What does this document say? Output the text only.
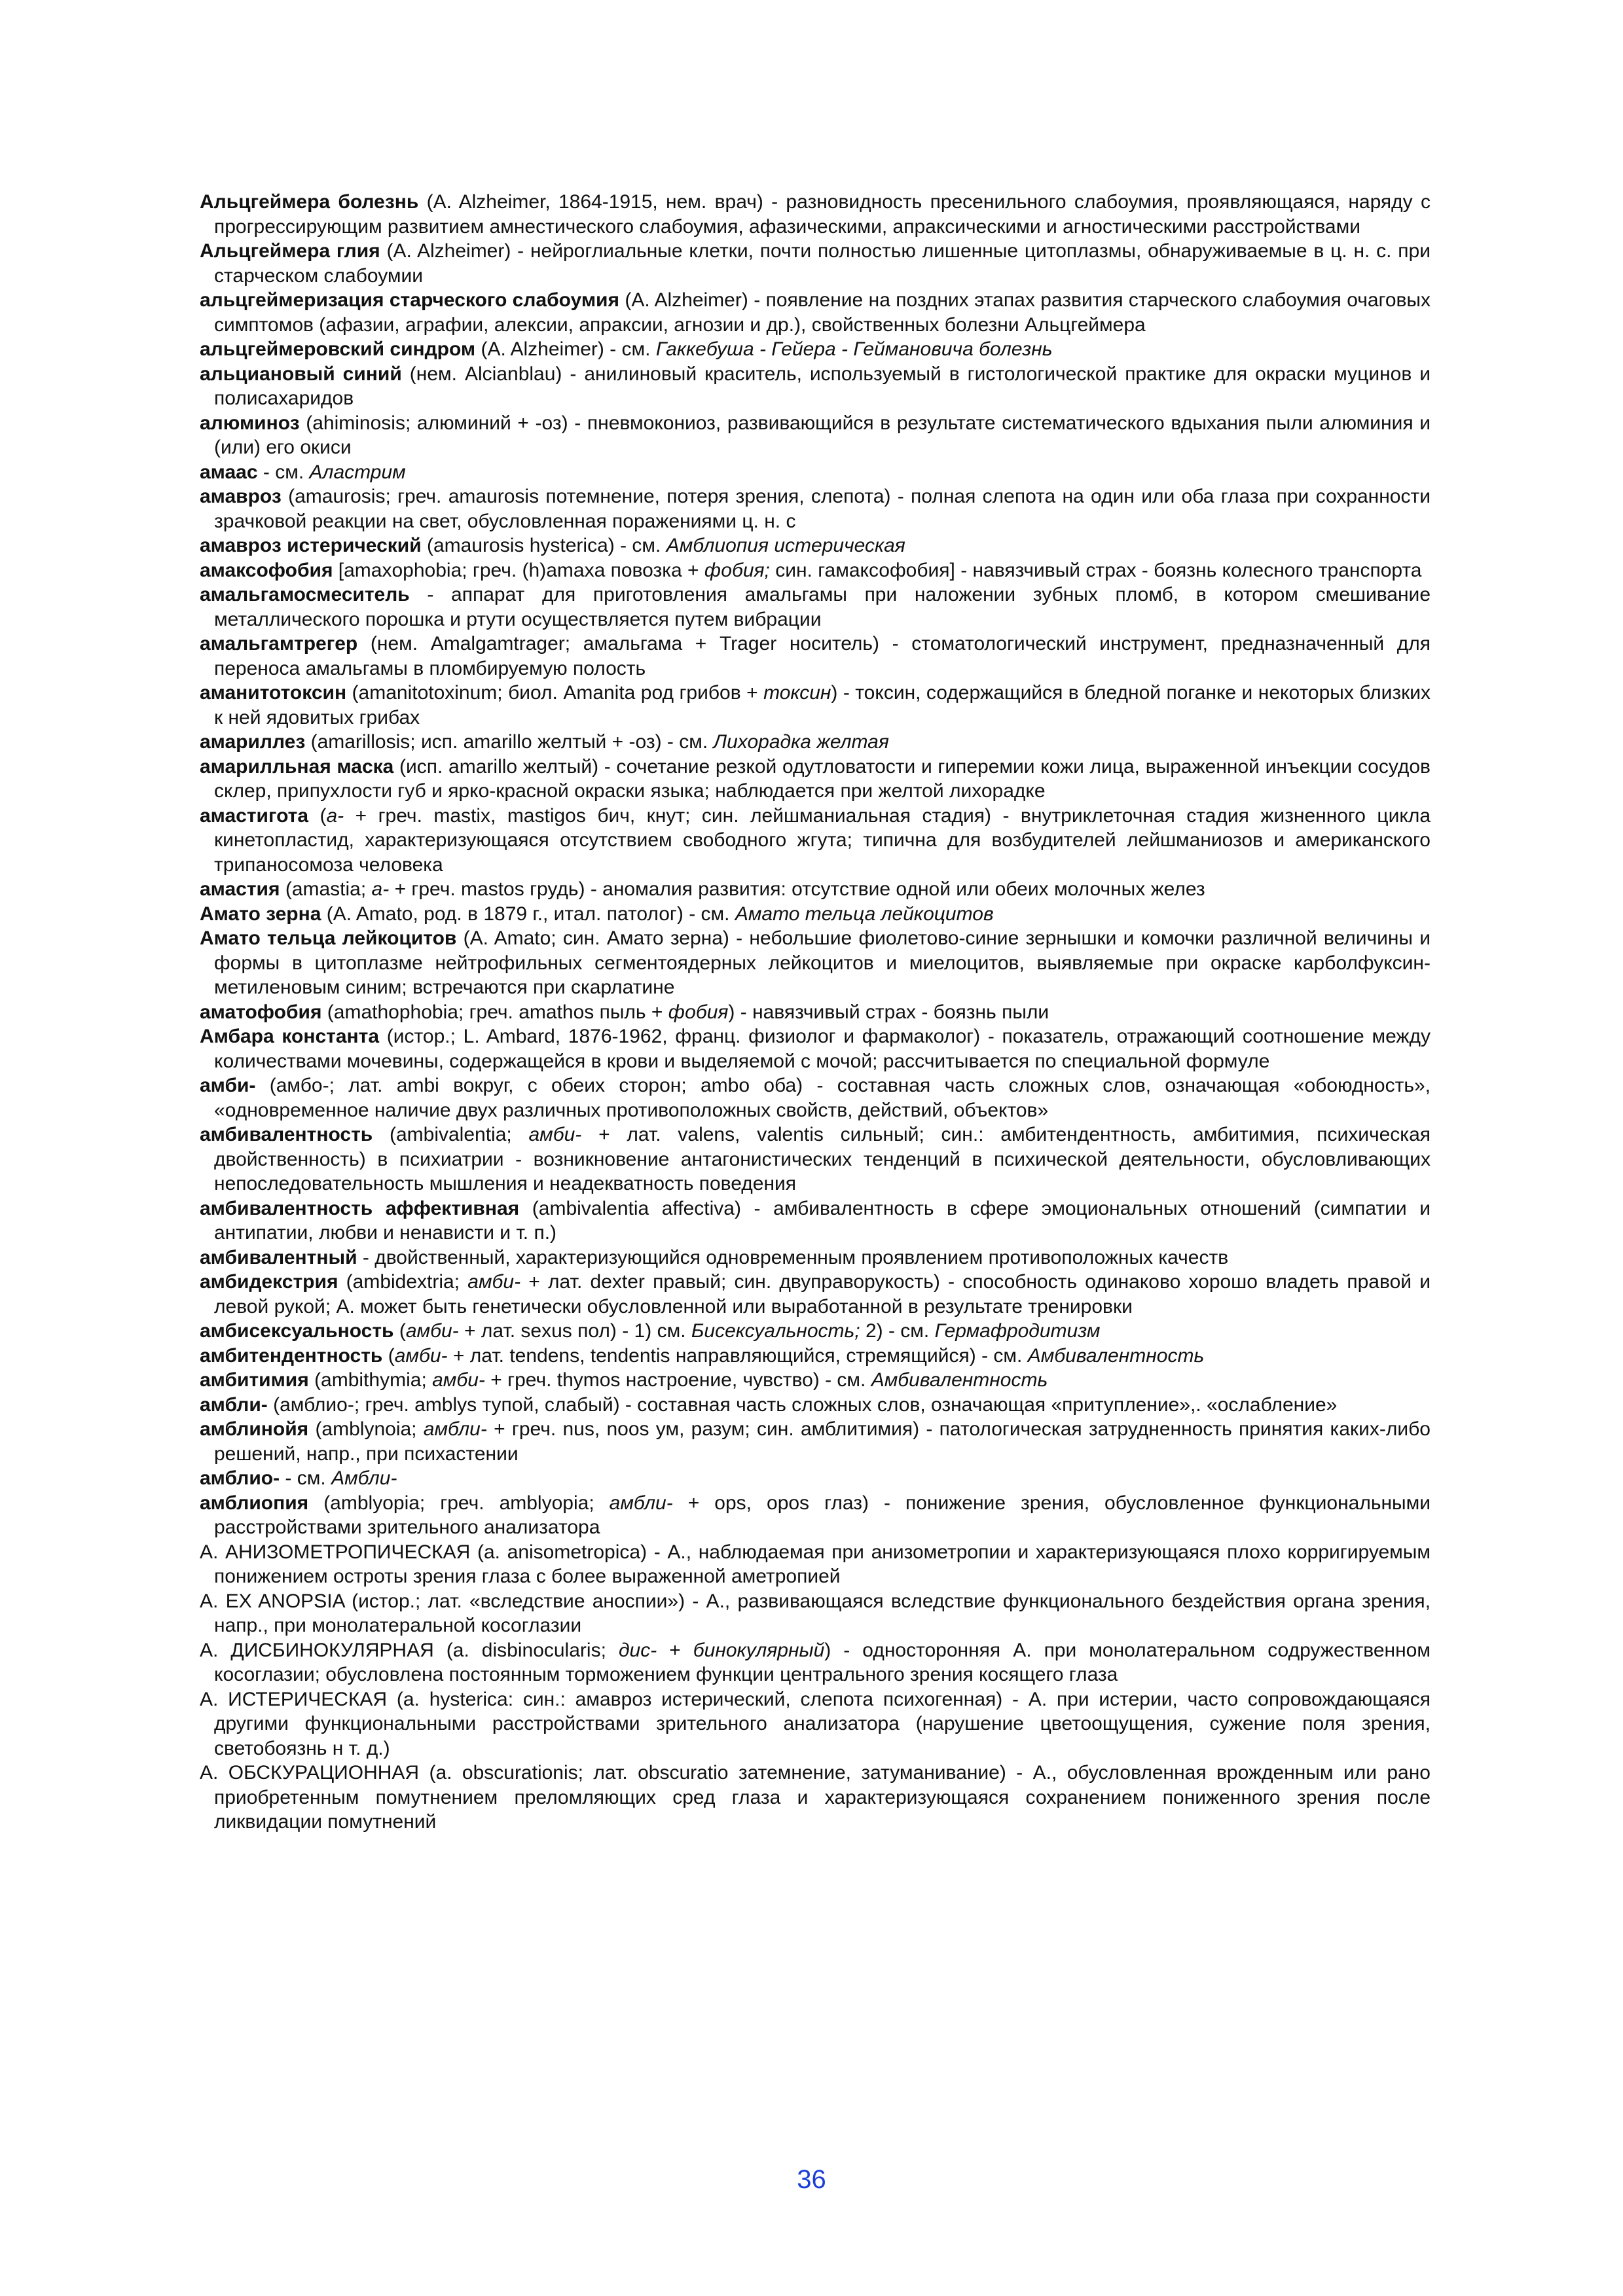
Альцгеймера болезнь (A. Alzheimer, 1864-1915, нем. врач) - разновидность пресенильного слабоумия, проявляющаяся, наряду с прогрессирующим развитием амнестического слабоумия, афазическими, апраксическими и агностическими расстройствами

Альцгеймера глия (A. Alzheimer) - нейроглиальные клетки, почти полностью лишенные цитоплазмы, обнаруживаемые в ц. н. с. при старческом слабоумии

альцгеймеризация старческого слабоумия (A. Alzheimer) - появление на поздних этапах развития старческого слабоумия очаговых симптомов (афазии, аграфии, алексии, апраксии, агнозии и др.), свойственных болезни Альцгеймера

альцгеймеровский синдром (A. Alzheimer) - см. Гаккебуша - Гейера - Геймановича болезнь

альциановый синий (нем. Alcianblau) - анилиновый краситель, используемый в гистологической практике для окраски муцинов и полисахаридов

алюминоз (ahiminosis; алюминий + -оз) - пневмокониоз, развивающийся в результате систематического вдыхания пыли алюминия и (или) его окиси

амаас - см. Аластрим

амавроз (amaurosis; греч. amaurosis потемнение, потеря зрения, слепота) - полная слепота на один или оба глаза при сохранности зрачковой реакции на свет, обусловленная поражениями ц. н. с

амавроз истерический (amaurosis hysterica) - см. Амблиопия истерическая

амаксофобия [amaxophobia; греч. (h)amaxa повозка + фобия; син. гамаксофобия] - навязчивый страх - боязнь колесного транспорта

амальгамосмеситель - аппарат для приготовления амальгамы при наложении зубных пломб, в котором смешивание металлического порошка и ртути осуществляется путем вибрации

амальгамтрегер (нем. Amalgamtrager; амальгама + Trager носитель) - стоматологический инструмент, предназначенный для переноса амальгамы в пломбируемую полость

аманитотоксин (amanitotoxinum; биол. Amanita род грибов + токсин) - токсин, содержащийся в бледной поганке и некоторых близких к ней ядовитых грибах

амариллез (amarillosis; исп. amarillo желтый + -оз) - см. Лихорадка желтая

амарилльная маска (исп. amarillo желтый) - сочетание резкой одутловатости и гиперемии кожи лица, выраженной инъекции сосудов склер, припухлости губ и ярко-красной окраски языка; наблюдается при желтой лихорадке

амастигота (а- + греч. mastix, mastigos бич, кнут; син. лейшманиальная стадия) - внутриклеточная стадия жизненного цикла кинетопластид, характеризующаяся отсутствием свободного жгута; типична для возбудителей лейшманиозов и американского трипаносомоза человека

амастия (amastia; а- + греч. mastos грудь) - аномалия развития: отсутствие одной или обеих молочных желез

Амато зерна (A. Amato, род. в 1879 г., итал. патолог) - см. Амато тельца лейкоцитов

Амато тельца лейкоцитов (A. Amato; син. Амато зерна) - небольшие фиолетово-синие зернышки и комочки различной величины и формы в цитоплазме нейтрофильных сегментоядерных лейкоцитов и миелоцитов, выявляемые при окраске карболфуксин-метиленовым синим; встречаются при скарлатине

аматофобия (amathophobia; греч. amathos пыль + фобия) - навязчивый страх - боязнь пыли

Амбара константа (истор.; L. Ambard, 1876-1962, франц. физиолог и фармаколог) - показатель, отражающий соотношение между количествами мочевины, содержащейся в крови и выделяемой с мочой; рассчитывается по специальной формуле

амби- (амбо-; лат. ambi вокруг, с обеих сторон; ambo оба) - составная часть сложных слов, означающая «обоюдность», «одновременное наличие двух различных противоположных свойств, действий, объектов»

амбивалентность (ambivalentia; амби- + лат. valens, valentis сильный; син.: амбитендентность, амбитимия, психическая двойственность) в психиатрии - возникновение антагонистических тенденций в психической деятельности, обусловливающих непоследовательность мышления и неадекватность поведения

амбивалентность аффективная (ambivalentia affectiva) - амбивалентность в сфере эмоциональных отношений (симпатии и антипатии, любви и ненависти и т. п.)

амбивалентный - двойственный, характеризующийся одновременным проявлением противоположных качеств

амбидекстрия (ambidextria; амби- + лат. dexter правый; син. двуправорукость) - способность одинаково хорошо владеть правой и левой рукой; А. может быть генетически обусловленной или выработанной в результате тренировки

амбисексуальность (амби- + лат. sexus пол) - 1) см. Бисексуальность; 2) - см. Гермафродитизм

амбитендентность (амби- + лат. tendens, tendentis направляющийся, стремящийся) - см. Амбивалентность

амбитимия (ambithymia; амби- + греч. thymos настроение, чувство) - см. Амбивалентность

амбли- (амблио-; греч. amblys тупой, слабый) - составная часть сложных слов, означающая «притупление»,. «ослабление»

амблинойя (amblynoia; амбли- + греч. nus, noos ум, разум; син. амблитимия) - патологическая затрудненность принятия каких-либо решений, напр., при психастении

амблио- - см. Амбли-

амблиопия (amblyopia; греч. amblyopia; амбли- + ops, opos глаз) - понижение зрения, обусловленное функциональными расстройствами зрительного анализатора

А. АНИЗОМЕТРОПИЧЕСКАЯ (a. anisometropica) - А., наблюдаемая при анизометропии и характеризующаяся плохо корригируемым понижением остроты зрения глаза с более выраженной аметропией

А. EX ANOPSIA (истор.; лат. «вследствие аноспии») - А., развивающаяся вследствие функционального бездействия органа зрения, напр., при монолатеральной косоглазии

А. ДИСБИНОКУЛЯРНАЯ (a. disbinocularis; дис- + бинокулярный) - односторонняя А. при монолатеральном содружественном косоглазии; обусловлена постоянным торможением функции центрального зрения косящего глаза

А. ИСТЕРИЧЕСКАЯ (a. hysterica: син.: амавроз истерический, слепота психогенная) - А. при истерии, часто сопровождающаяся другими функциональными расстройствами зрительного анализатора (нарушение цветоощущения, сужение поля зрения, светобоязнь н т. д.)

А. ОБСКУРАЦИОННАЯ (a. obscurationis; лат. obscuratio затемнение, затуманивание) - А., обусловленная врожденным или рано приобретенным помутнением преломляющих сред глаза и характеризующаяся сохранением пониженного зрения после ликвидации помутнений

36
